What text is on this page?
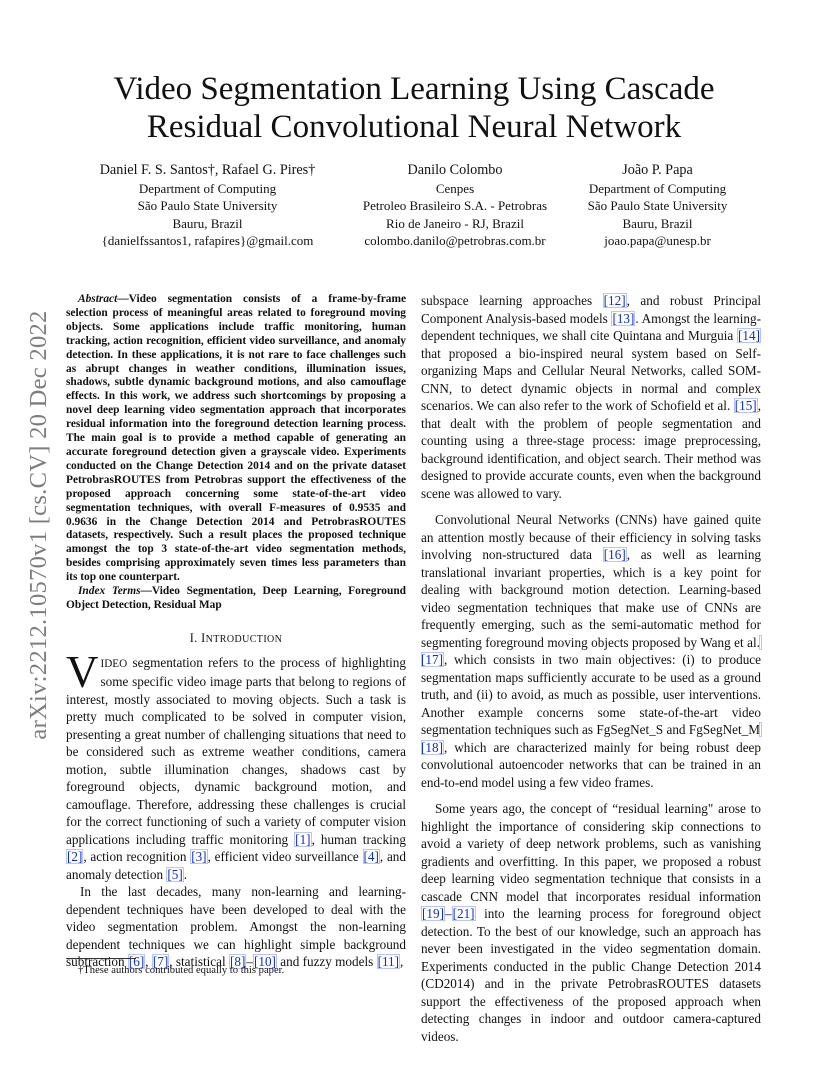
Video Segmentation Learning Using Cascade
Residual Convolutional Neural Network
Daniel F. S. Santos†, Rafael G. Pires†
Department of Computing
São Paulo State University
Bauru, Brazil
{danielfssantos1, rafapires}@gmail.com
Danilo Colombo
Cenpes
Petroleo Brasileiro S.A. - Petrobras
Rio de Janeiro - RJ, Brazil
colombo.danilo@petrobras.com.br
João P. Papa
Department of Computing
São Paulo State University
Bauru, Brazil
joao.papa@unesp.br
arXiv:2212.10570v1 [cs.CV] 20 Dec 2022

Abstract—Video segmentation consists of a frame-by-frame selection process of meaningful areas related to foreground moving objects. Some applications include traffic monitoring, human tracking, action recognition, efficient video surveillance, and anomaly detection. In these applications, it is not rare to face challenges such as abrupt changes in weather conditions, illumination issues, shadows, subtle dynamic background motions, and also camouflage effects. In this work, we address such shortcomings by proposing a novel deep learning video segmentation approach that incorporates residual information into the foreground detection learning process. The main goal is to provide a method capable of generating an accurate foreground detection given a grayscale video. Experiments conducted on the Change Detection 2014 and on the private dataset PetrobrasROUTES from Petrobras support the effectiveness of the proposed approach concerning some state-of-the-art video segmentation techniques, with overall F-measures of 0.9535 and 0.9636 in the Change Detection 2014 and PetrobrasROUTES datasets, respectively. Such a result places the proposed technique amongst the top 3 state-of-the-art video segmentation methods, besides comprising approximately seven times less parameters than its top one counterpart.

Index Terms—Video Segmentation, Deep Learning, Foreground Object Detection, Residual Map

I. INTRODUCTION

VIDEO segmentation refers to the process of highlighting some specific video image parts that belong to regions of interest, mostly associated to moving objects. Such a task is pretty much complicated to be solved in computer vision, presenting a great number of challenging situations that need to be considered such as extreme weather conditions, camera motion, subtle illumination changes, shadows cast by foreground objects, dynamic background motion, and camouflage. Therefore, addressing these challenges is crucial for the correct functioning of such a variety of computer vision applications including traffic monitoring [1], human tracking [2], action recognition [3], efficient video surveillance [4], and anomaly detection [5].

In the last decades, many non-learning and learning-dependent techniques have been developed to deal with the video segmentation problem. Amongst the non-learning dependent techniques we can highlight simple background subtraction [6], [7], statistical [8]–[10] and fuzzy models [11],

†These authors contributed equally to this paper.

subspace learning approaches [12], and robust Principal Component Analysis-based models [13]. Amongst the learning-dependent techniques, we shall cite Quintana and Murguia [14] that proposed a bio-inspired neural system based on Self-organizing Maps and Cellular Neural Networks, called SOM-CNN, to detect dynamic objects in normal and complex scenarios. We can also refer to the work of Schofield et al. [15], that dealt with the problem of people segmentation and counting using a three-stage process: image preprocessing, background identification, and object search. Their method was designed to provide accurate counts, even when the background scene was allowed to vary.

Convolutional Neural Networks (CNNs) have gained quite an attention mostly because of their efficiency in solving tasks involving non-structured data [16], as well as learning translational invariant properties, which is a key point for dealing with background motion detection. Learning-based video segmentation techniques that make use of CNNs are frequently emerging, such as the semi-automatic method for segmenting foreground moving objects proposed by Wang et al. [17], which consists in two main objectives: (i) to produce segmentation maps sufficiently accurate to be used as a ground truth, and (ii) to avoid, as much as possible, user interventions. Another example concerns some state-of-the-art video segmentation techniques such as FgSegNet_S and FgSegNet_M [18], which are characterized mainly for being robust deep convolutional autoencoder networks that can be trained in an end-to-end model using a few video frames.

Some years ago, the concept of “residual learning" arose to highlight the importance of considering skip connections to avoid a variety of deep network problems, such as vanishing gradients and overfitting. In this paper, we proposed a robust deep learning video segmentation technique that consists in a cascade CNN model that incorporates residual information [19]–[21] into the learning process for foreground object detection. To the best of our knowledge, such an approach has never been investigated in the video segmentation domain. Experiments conducted in the public Change Detection 2014 (CD2014) and in the private PetrobrasROUTES datasets support the effectiveness of the proposed approach when detecting changes in indoor and outdoor camera-captured videos.
